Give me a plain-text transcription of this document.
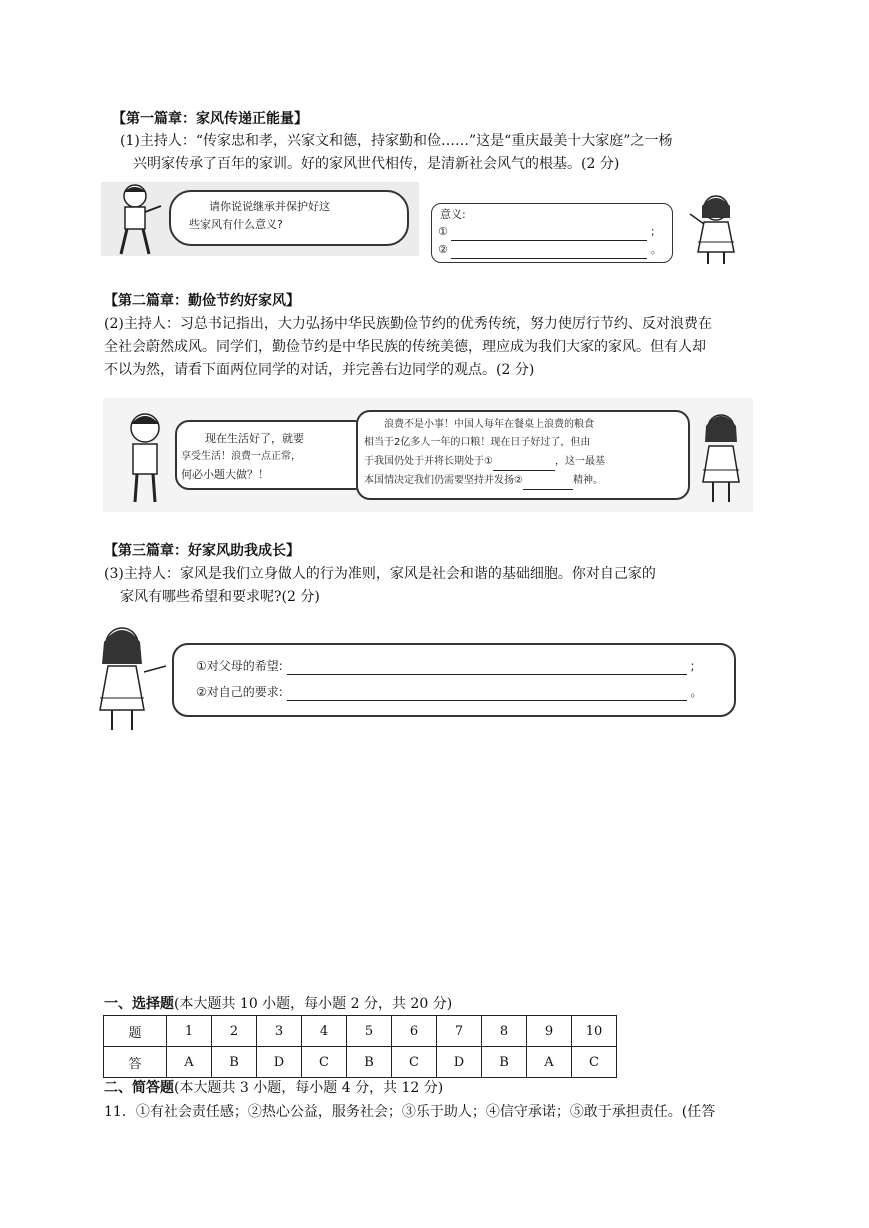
【第一篇章：家风传递正能量】
(1)主持人：“传家忠和孝，兴家文和德，持家勤和俭……”这是“重庆最美十大家庭”之一杨
兴明家传承了百年的家训。好的家风世代相传，是清新社会风气的根基。(2 分)
请你说说继承并保护好这
些家风有什么意义?
意义:
①	;
②	。
【第二篇章：勤俭节约好家风】
(2)主持人：习总书记指出，大力弘扬中华民族勤俭节约的优秀传统，努力使厉行节约、反对浪费在
全社会蔚然成风。同学们，勤俭节约是中华民族的传统美德，理应成为我们大家的家风。但有人却
不以为然，请看下面两位同学的对话，并完善右边同学的观点。(2 分)
现在生活好了，就要
享受生活！浪费一点正常，
何必小题大做？！
浪费不是小事！中国人每年在餐桌上浪费的粮食
相当于2亿多人一年的口粮！现在日子好过了，但由
于我国仍处于并将长期处于①	，这一最基
本国情决定我们仍需要坚持并发扬②	精神。
【第三篇章：好家风助我成长】
(3)主持人：家风是我们立身做人的行为准则，家风是社会和谐的基础细胞。你对自己家的
家风有哪些希望和要求呢?(2 分)
①对父母的希望:	;
②对自己的要求:	。
一、选择题(本大题共 10 小题，每小题 2 分，共 20 分)
题	1	2	3	4	5	6	7	8	9	10
答	A	B	D	C	B	C	D	B	A	C
二、简答题(本大题共 3 小题，每小题 4 分，共 12 分)
11．①有社会责任感；②热心公益，服务社会；③乐于助人；④信守承诺；⑤敢于承担责任。(任答
